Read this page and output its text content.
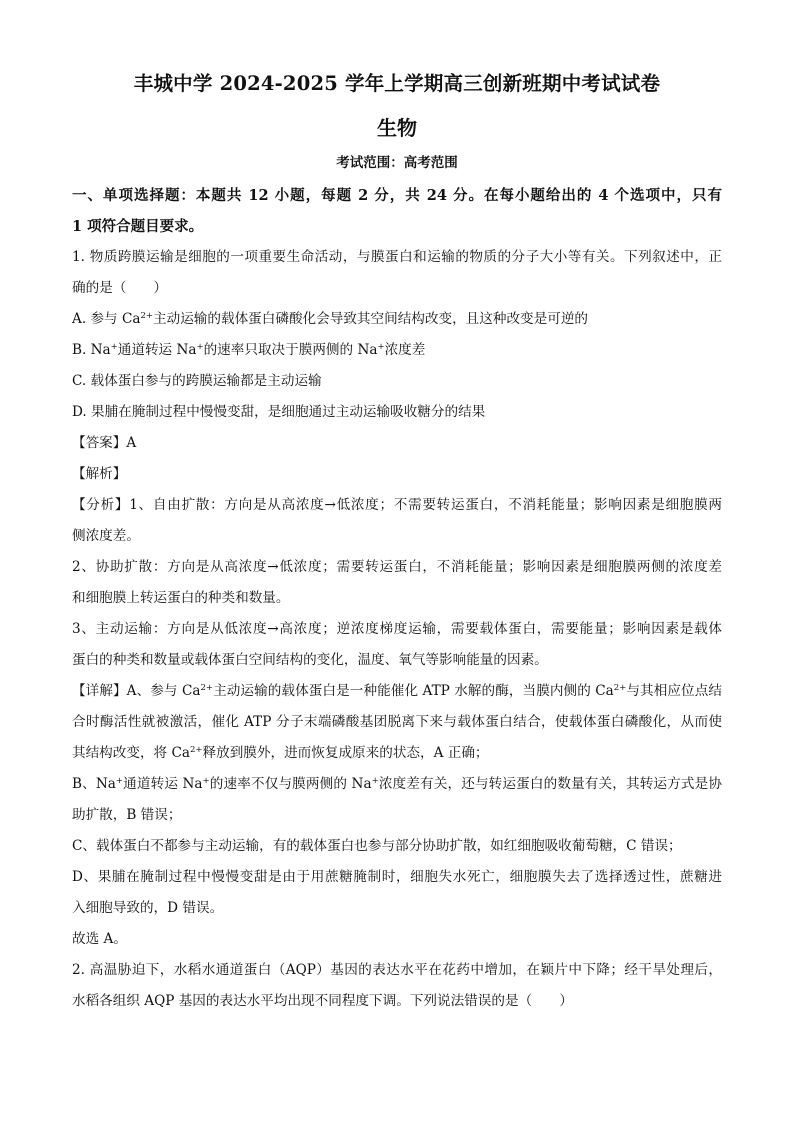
丰城中学 2024-2025 学年上学期高三创新班期中考试试卷
生物
考试范围：高考范围
一、单项选择题：本题共 12 小题，每题 2 分，共 24 分。在每小题给出的 4 个选项中，只有
1 项符合题目要求。
1. 物质跨膜运输是细胞的一项重要生命活动，与膜蛋白和运输的物质的分子大小等有关。下列叙述中，正
确的是（　　）
A. 参与 $Ca^{2+}$主动运输的载体蛋白磷酸化会导致其空间结构改变，且这种改变是可逆的
B. Na+通道转运 Na+的速率只取决于膜两侧的 Na+浓度差
C. 载体蛋白参与的跨膜运输都是主动运输
D. 果脯在腌制过程中慢慢变甜，是细胞通过主动运输吸收糖分的结果
【答案】A
【解析】
【分析】1、自由扩散：方向是从高浓度→低浓度；不需要转运蛋白，不消耗能量；影响因素是细胞膜两
侧浓度差。
2、协助扩散：方向是从高浓度→低浓度；需要转运蛋白，不消耗能量；影响因素是细胞膜两侧的浓度差
和细胞膜上转运蛋白的种类和数量。
3、主动运输：方向是从低浓度→高浓度；逆浓度梯度运输，需要载体蛋白，需要能量；影响因素是载体
蛋白的种类和数量或载体蛋白空间结构的变化，温度、氧气等影响能量的因素。
【详解】A、参与 $Ca^{2+}$主动运输的载体蛋白是一种能催化 ATP 水解的酶，当膜内侧的 $Ca^{2+}$与其相应位点结
合时酶活性就被激活，催化 ATP 分子末端磷酸基团脱离下来与载体蛋白结合，使载体蛋白磷酸化，从而使
其结构改变，将 $Ca^{2+}$释放到膜外，进而恢复成原来的状态，A 正确；
B、Na+通道转运 Na+的速率不仅与膜两侧的 Na+浓度差有关，还与转运蛋白的数量有关，其转运方式是协
助扩散，B 错误；
C、载体蛋白不都参与主动运输，有的载体蛋白也参与部分协助扩散，如红细胞吸收葡萄糖，C 错误；
D、果脯在腌制过程中慢慢变甜是由于用蔗糖腌制时，细胞失水死亡，细胞膜失去了选择透过性，蔗糖进
入细胞导致的，D 错误。
故选 A。
2. 高温胁迫下，水稻水通道蛋白（AQP）基因的表达水平在花药中增加，在颖片中下降；经干旱处理后，
水稻各组织 AQP 基因的表达水平均出现不同程度下调。下列说法错误的是（　　）
